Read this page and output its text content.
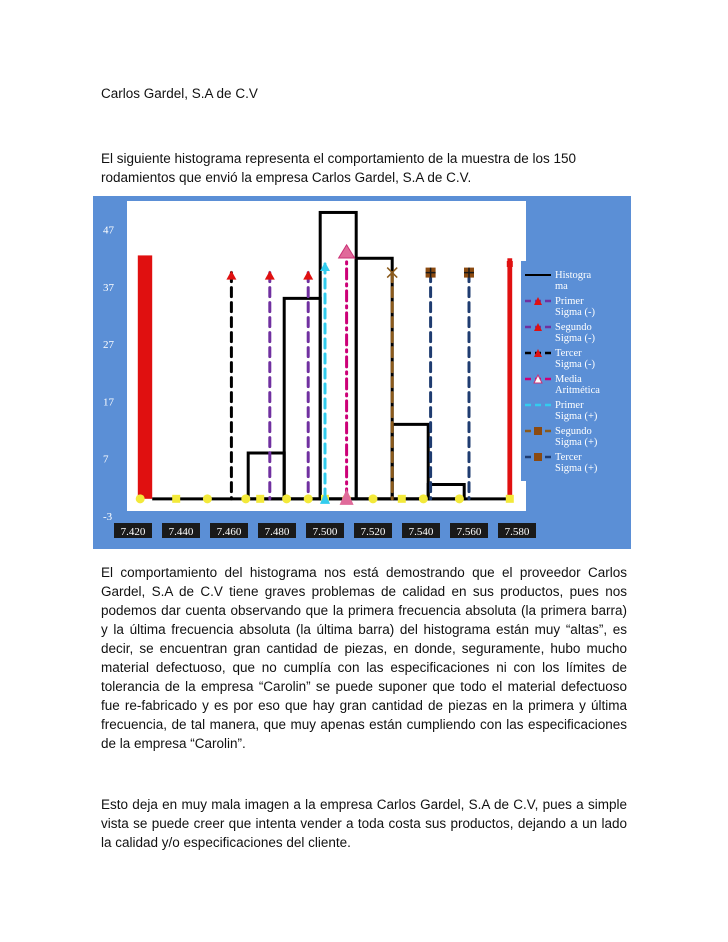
Carlos Gardel, S.A de C.V
El siguiente histograma representa el comportamiento de la muestra de los 150 rodamientos que envió la empresa Carlos Gardel, S.A de C.V.
-3
7
17
27
37
47
7.420 7.440 7.460 7.480 7.500 7.520 7.540 7.560 7.580
Histogra
ma
Primer
Sigma (-)
Segundo
Sigma (-)
Tercer
Sigma (-)
Media
Aritmética
Primer
Sigma (+)
Segundo
Sigma (+)
Tercer
Sigma (+)
El comportamiento del histograma nos está demostrando que el proveedor Carlos Gardel, S.A de C.V tiene graves problemas de calidad en sus productos, pues nos podemos dar cuenta observando que la primera frecuencia absoluta (la primera barra) y la última frecuencia absoluta (la última barra) del histograma están muy “altas”, es decir, se encuentran gran cantidad de piezas, en donde, seguramente, hubo mucho material defectuoso, que no cumplía con las especificaciones ni con los límites de tolerancia de la empresa “Carolin” se puede suponer que todo el material defectuoso fue re-fabricado y es por eso que hay gran cantidad de piezas en la primera y última frecuencia, de tal manera, que muy apenas están cumpliendo con las especificaciones de la empresa “Carolin”.
Esto deja en muy mala imagen a la empresa Carlos Gardel, S.A de C.V, pues a simple vista se puede creer que intenta vender a toda costa sus productos, dejando a un lado la calidad y/o especificaciones del cliente.
